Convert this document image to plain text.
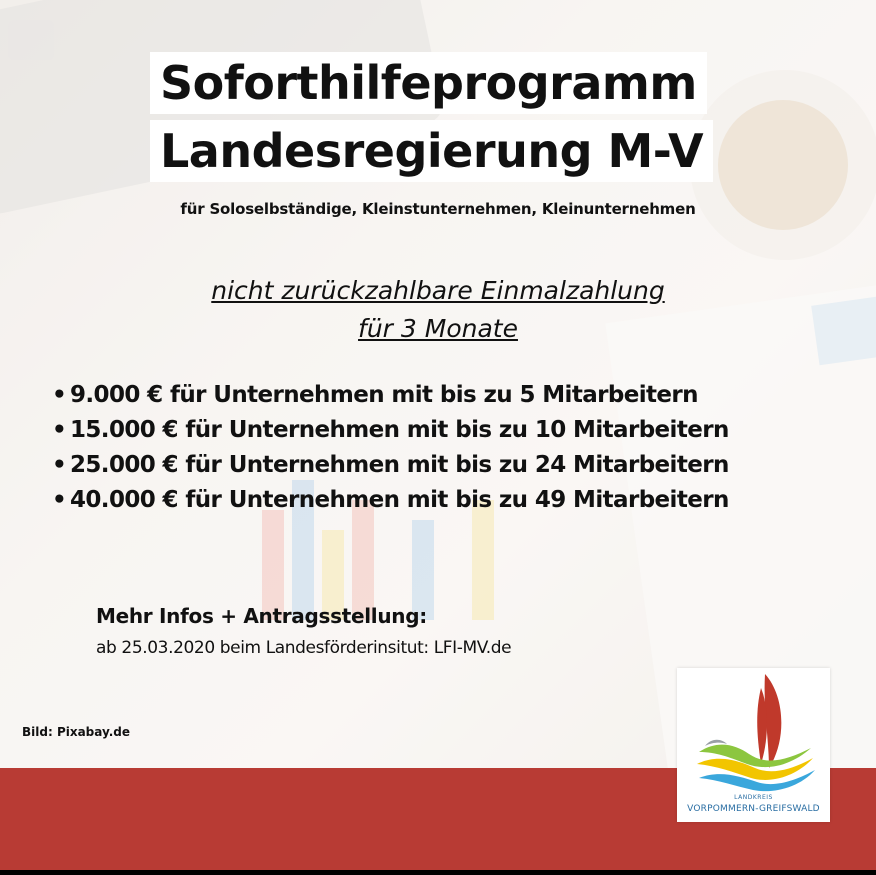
Soforthilfeprogramm
Landesregierung M-V
für Soloselbständige, Kleinstunternehmen, Kleinunternehmen
nicht zurückzahlbare Einmalzahlung
für 3 Monate
• 9.000 € für Unternehmen mit bis zu 5 Mitarbeitern
• 15.000 € für Unternehmen mit bis zu 10 Mitarbeitern
• 25.000 € für Unternehmen mit bis zu 24 Mitarbeitern
• 40.000 € für Unternehmen mit bis zu 49 Mitarbeitern
Mehr Infos + Antragsstellung:
ab 25.03.2020 beim Landesförderinsitut: LFI-MV.de
Bild: Pixabay.de
LANDKREIS
VORPOMMERN-GREIFSWALD
